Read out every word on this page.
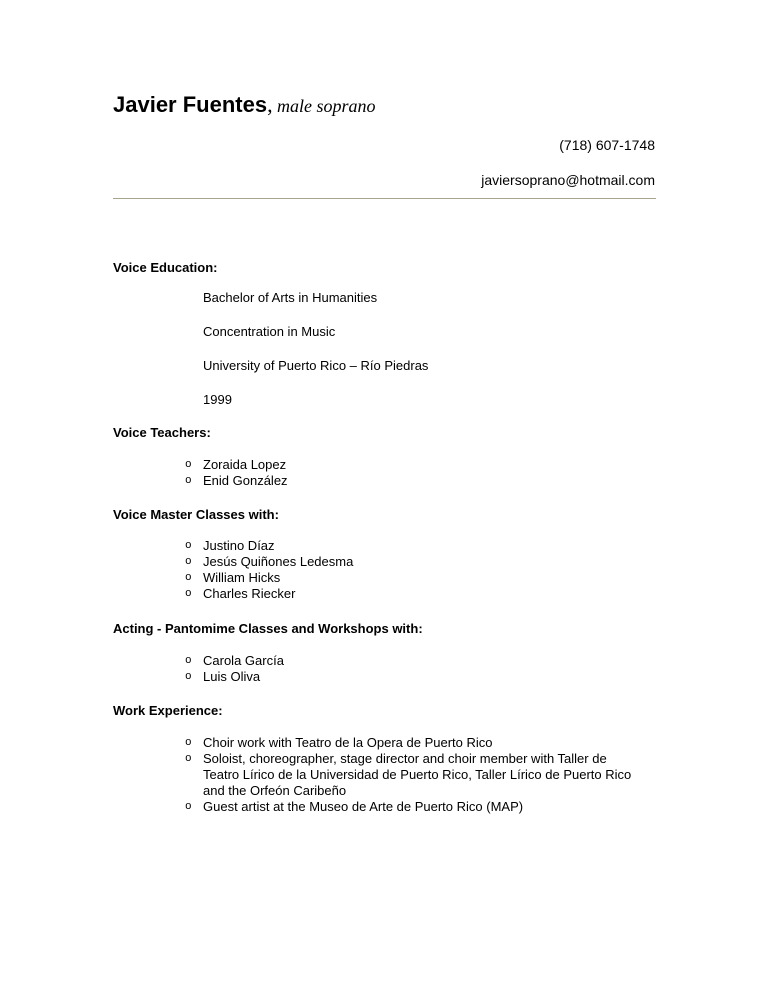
Javier Fuentes, male soprano
(718) 607-1748
javiersoprano@hotmail.com
Voice Education:
Bachelor of Arts in Humanities
Concentration in Music
University of Puerto Rico – Río Piedras
1999
Voice Teachers:
o Zoraida Lopez
o Enid González
Voice Master Classes with:
o Justino Díaz
o Jesús Quiñones Ledesma
o William Hicks
o Charles Riecker
Acting - Pantomime Classes and Workshops with:
o Carola García
o Luis Oliva
Work Experience:
o Choir work with Teatro de la Opera de Puerto Rico
o Soloist, choreographer, stage director and choir member with Taller de Teatro Lírico de la Universidad de Puerto Rico, Taller Lírico de Puerto Rico and the Orfeón Caribeño
o Guest artist at the Museo de Arte de Puerto Rico (MAP)
